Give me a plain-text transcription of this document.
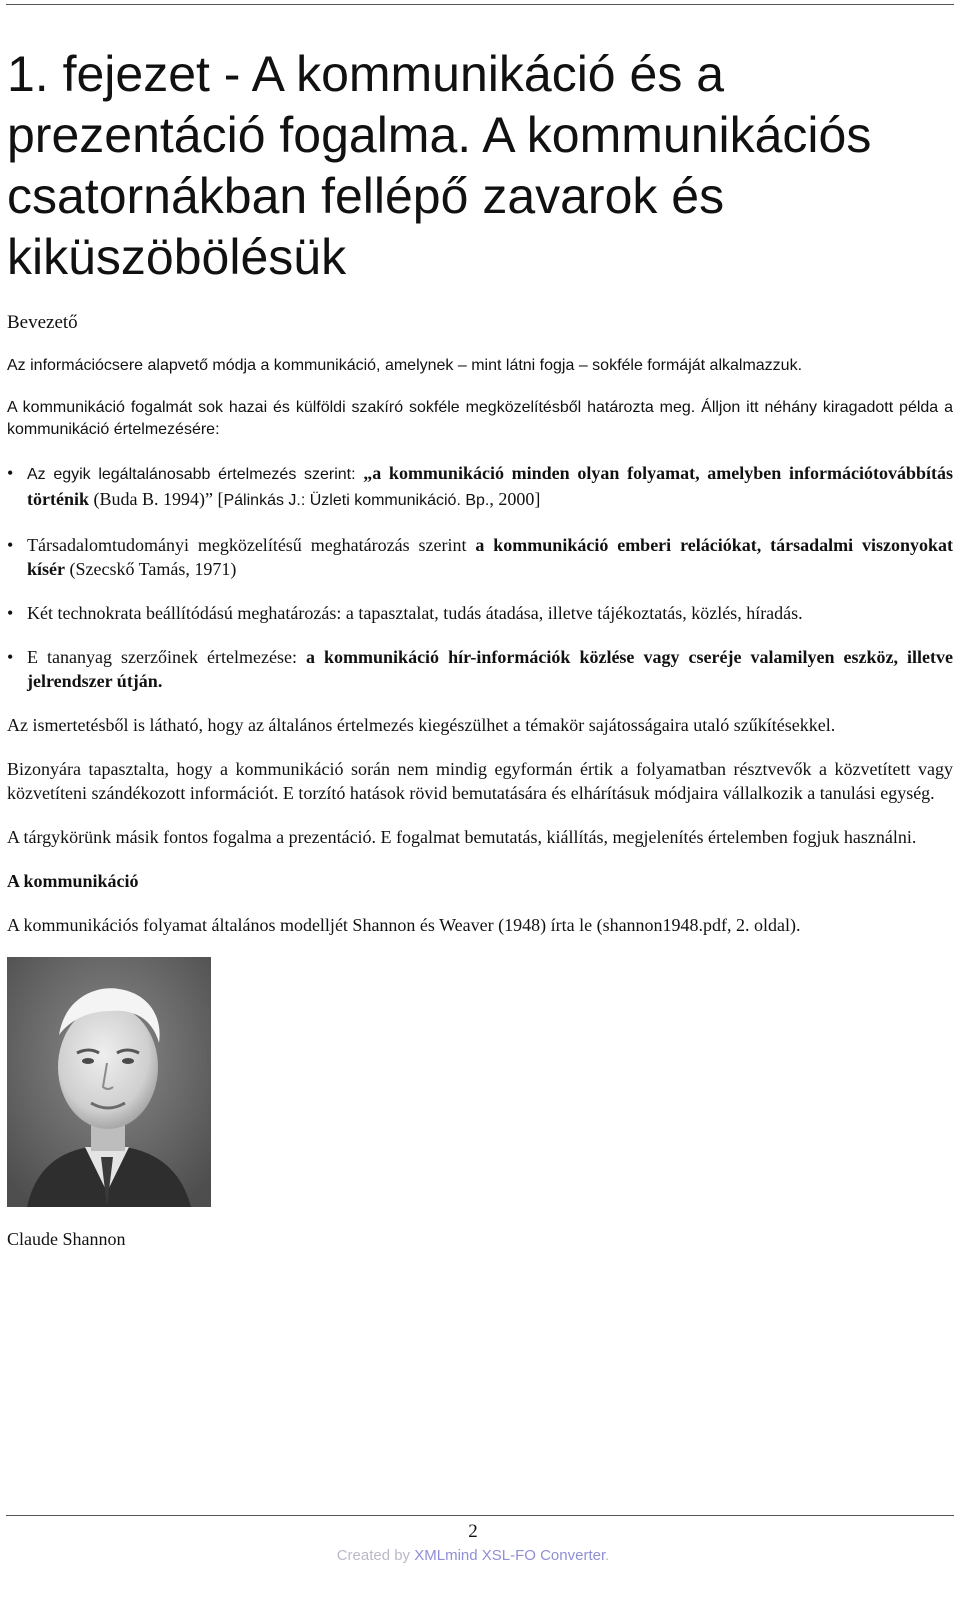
1. fejezet - A kommunikáció és a prezentáció fogalma. A kommunikációs csatornákban fellépő zavarok és kiküszöbölésük
Bevezető

Az információcsere alapvető módja a kommunikáció, amelynek – mint látni fogja – sokféle formáját alkalmazzuk.

A kommunikáció fogalmát sok hazai és külföldi szakíró sokféle megközelítésből határozta meg. Álljon itt néhány kiragadott példa a kommunikáció értelmezésére:

• Az egyik legáltalánosabb értelmezés szerint: „a kommunikáció minden olyan folyamat, amelyben információtovábbítás történik (Buda B. 1994)” [Pálinkás J.: Üzleti kommunikáció. Bp., 2000]
• Társadalomtudományi megközelítésű meghatározás szerint a kommunikáció emberi relációkat, társadalmi viszonyokat kísér (Szecskő Tamás, 1971)
• Két technokrata beállítódású meghatározás: a tapasztalat, tudás átadása, illetve tájékoztatás, közlés, híradás.
• E tananyag szerzőinek értelmezése: a kommunikáció hír-információk közlése vagy cseréje valamilyen eszköz, illetve jelrendszer útján.

Az ismertetésből is látható, hogy az általános értelmezés kiegészülhet a témakör sajátosságaira utaló szűkítésekkel.

Bizonyára tapasztalta, hogy a kommunikáció során nem mindig egyformán értik a folyamatban résztvevők a közvetített vagy közvetíteni szándékozott információt. E torzító hatások rövid bemutatására és elhárításuk módjaira vállalkozik a tanulási egység.

A tárgykörünk másik fontos fogalma a prezentáció. E fogalmat bemutatás, kiállítás, megjelenítés értelemben fogjuk használni.

A kommunikáció

A kommunikációs folyamat általános modelljét Shannon és Weaver (1948) írta le (shannon1948.pdf, 2. oldal).

Claude Shannon
2
Created by XMLmind XSL-FO Converter.
